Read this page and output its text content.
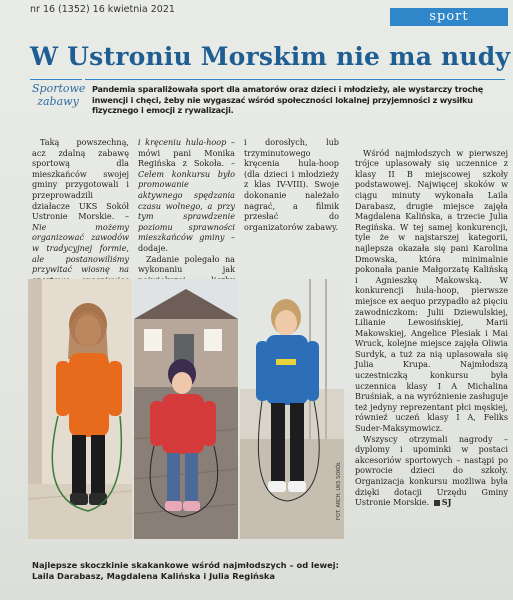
nr 16 (1352) 16 kwietnia 2021	sport
W Ustroniu Morskim nie ma nudy
Sportowe zabawy
Pandemia sparaliżowała sport dla amatorów oraz dzieci i młodzieży, ale wystarczy trochę inwencji i chęci, żeby nie wygaszać wśród społeczności lokalnej przyjemności z wysiłku fizycznego i emocji z rywalizacji.

Taką powszechną, acz zdalną zabawę sportową dla mieszkańców swojej gminy przygotowali i przeprowadzili działacze UKS Sokół Ustronie Morskie. – Nie możemy organizować zawodów w tradycyjnej formie, ale postanowiliśmy przywitać wiosnę na

i kręceniu hula-hoop – mówi pani Monika Regińska z Sokoła. – Celem konkursu było promowanie aktywnego spędzania czasu wolnego, a przy tym sprawdzenie poziomu sprawności mieszkańców gminy – dodaje.

Zadanie polegało na wykonaniu jak

i dorosłych, lub trzyminutowego kręcenia hula-hoop (dla dzieci i młodzieży z klas IV-VIII). Swoje dokonanie należało nagrać, a filmik przesłać do organizatorów zabawy.

Wśród najmłodszych w pierwszej trójce uplasowały się uczennice z klasy II B miejscowej szkoły podstawowej. Najwięcej skoków w ciągu minuty wykonała Laila Darabasz, drugie miejsce zajęła Magdalena Kalińska, a trzecie Julia Regińska. W tej samej konkurencji, tyle że w najstarszej kategorii, najlepsza okazała się pani Karolina Dmowska, która minimalnie pokonała panie Małgorzatę Kalińską i Agnieszkę Makowską. W konkurencji hula-hoop, pierwsze miejsce ex aequo przypadło aż pięciu zawodniczkom: Julii Dziewulskiej, Lilianie Lewosińskiej, Marii Makowskiej, Angelice Plesiak i Mai Wruck, kolejne miejsce zajęła Oliwia Surdyk, a tuż za nią uplasowała się Julia Krupa. Najmłodszą uczestniczką konkursu była uczennica klasy I A Michalina Bruśniak, a na wyróżnienie zasługuje też jedyny reprezentant płci męskiej, równieź uczeń klasy I A, Feliks Suder-Maksymowicz.

Wszyscy otrzymali nagrody – dyplomy i upominki w postaci akcesoriów sportowych – nastąpi po powrocie dzieci do szkoły. Organizacja konkursu możliwa była dzięki dotacji Urzędu Gminy Ustronie Morskie. SJ

FOT. ARCH. UKS SOKÓŁ
Najlepsze skoczkinie skakankowe wśród najmłodszych – od lewej: Laila Darabasz, Magdalena Kalińska i Julia Regińska
